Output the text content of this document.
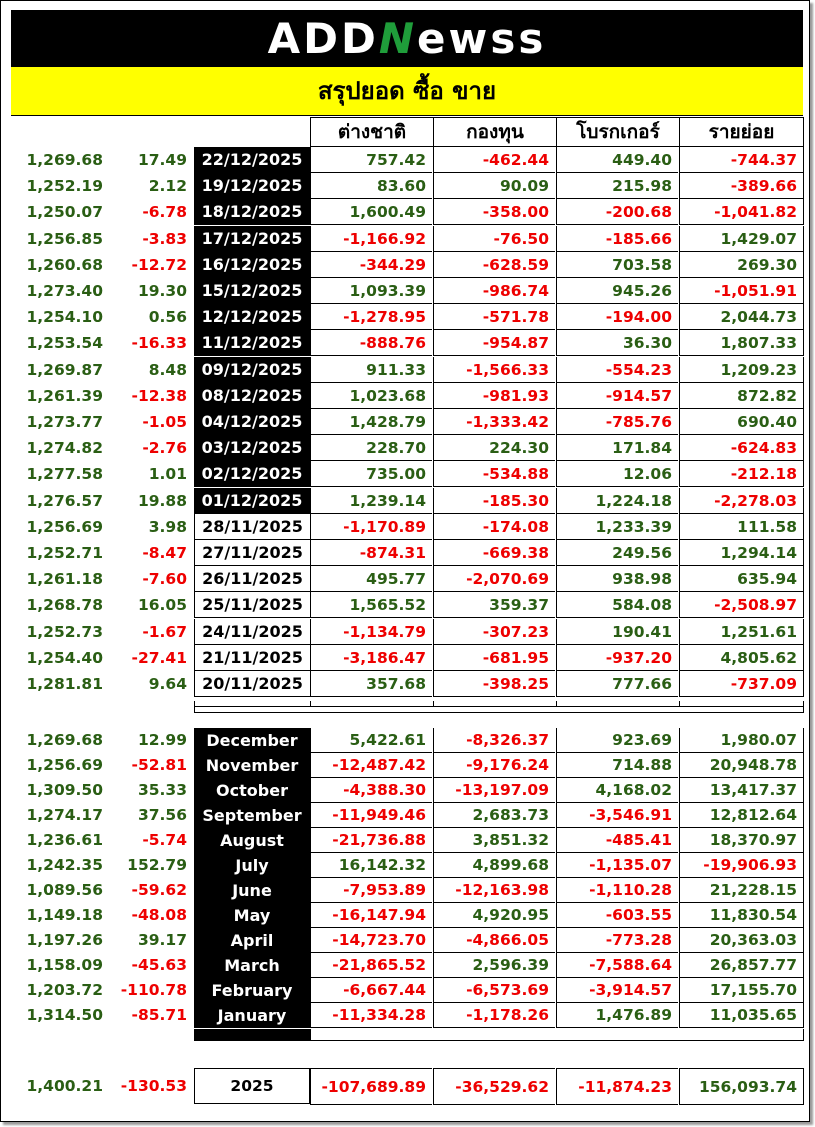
ADDNewss
สรุปยอด ซื้อ ขาย
ต่างชาติ	กองทุน	โบรกเกอร์	รายย่อย
1,269.68	17.49 22/12/2025	757.42	-462.44	449.40	-744.37
1,252.19	2.12 19/12/2025	83.60	90.09	215.98	-389.66
1,250.07	-6.78 18/12/2025	1,600.49	-358.00	-200.68	-1,041.82
1,256.85	-3.83 17/12/2025	-1,166.92	-76.50	-185.66	1,429.07
1,260.68	-12.72 16/12/2025	-344.29	-628.59	703.58	269.30
1,273.40	19.30 15/12/2025	1,093.39	-986.74	945.26	-1,051.91
1,254.10	0.56 12/12/2025	-1,278.95	-571.78	-194.00	2,044.73
1,253.54	-16.33 11/12/2025	-888.76	-954.87	36.30	1,807.33
1,269.87	8.48 09/12/2025	911.33	-1,566.33	-554.23	1,209.23
1,261.39	-12.38 08/12/2025	1,023.68	-981.93	-914.57	872.82
1,273.77	-1.05 04/12/2025	1,428.79	-1,333.42	-785.76	690.40
1,274.82	-2.76 03/12/2025	228.70	224.30	171.84	-624.83
1,277.58	1.01 02/12/2025	735.00	-534.88	12.06	-212.18
1,276.57	19.88 01/12/2025	1,239.14	-185.30	1,224.18	-2,278.03
1,256.69	3.98 28/11/2025	-1,170.89	-174.08	1,233.39	111.58
1,252.71	-8.47 27/11/2025	-874.31	-669.38	249.56	1,294.14
1,261.18	-7.60 26/11/2025	495.77	-2,070.69	938.98	635.94
1,268.78	16.05 25/11/2025	1,565.52	359.37	584.08	-2,508.97
1,252.73	-1.67 24/11/2025	-1,134.79	-307.23	190.41	1,251.61
1,254.40	-27.41 21/11/2025	-3,186.47	-681.95	-937.20	4,805.62
1,281.81	9.64 20/11/2025	357.68	-398.25	777.66	-737.09
1,269.68	12.99	December	5,422.61	-8,326.37	923.69	1,980.07
1,256.69	-52.81	November	-12,487.42	-9,176.24	714.88	20,948.78
1,309.50	35.33	October	-4,388.30	-13,197.09	4,168.02	13,417.37
1,274.17	37.56 September	-11,949.46	2,683.73	-3,546.91	12,812.64
1,236.61	-5.74	August	-21,736.88	3,851.32	-485.41	18,370.97
1,242.35	152.79	July	16,142.32	4,899.68	-1,135.07	-19,906.93
1,089.56	-59.62	June	-7,953.89	-12,163.98	-1,110.28	21,228.15
1,149.18	-48.08	May	-16,147.94	4,920.95	-603.55	11,830.54
1,197.26	39.17	April	-14,723.70	-4,866.05	-773.28	20,363.03
1,158.09	-45.63	March	-21,865.52	2,596.39	-7,588.64	26,857.77
1,203.72	-110.78	February	-6,667.44	-6,573.69	-3,914.57	17,155.70
1,314.50	-85.71	January	-11,334.28	-1,178.26	1,476.89	11,035.65
1,400.21	-130.53	2025	-107,689.89	-36,529.62	-11,874.23	156,093.74
